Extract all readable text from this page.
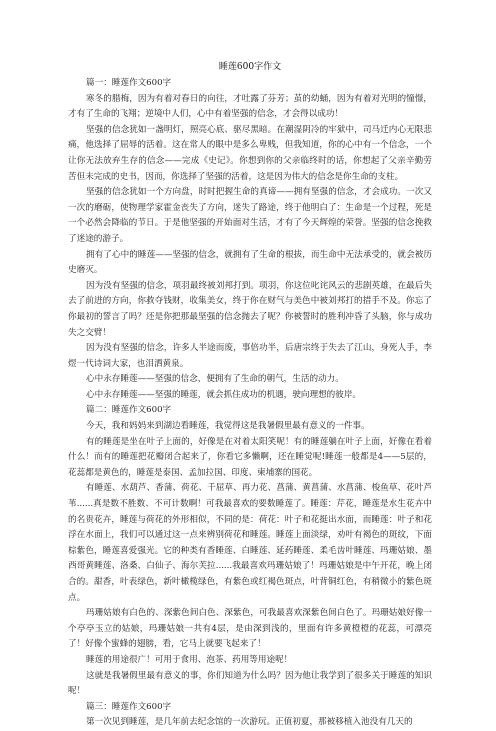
睡莲600字作文

篇一：睡莲作文600字

寒冬的腊梅，因为有着对春日的向往，才吐露了芬芳；茧的幼蛹，因为有着对光明的憧憬，才有了生命的飞翔；逆境中人们，心中有着坚强的信念，才会得以成功！

坚强的信念犹如一盏明灯，照亮心底、驱尽黑暗。在潮湿阴冷的牢狱中，司马迁内心无限悲痛，他选择了屈辱的活着。这在常人的眼中是多么卑贱，但我知道，你的心中有一个信念，一个让你无法放弃生存的信念——完成《史记》。你想到你的父亲临终时的话，你想起了父亲辛勤劳苦但未完成的史书，因而，你选择了坚强的活着，这是因为伟大的信念是你生命的支柱。

坚强的信念犹如一个方向盘，时时把握生命的真谛——拥有坚强的信念，才会成功。一次又一次的磨砺，使物理学家霍金丧失了方向，迷失了路途，终于他明白了：生命是一个过程，死是一个必然会降临的节日。于是他坚强的开始面对生活，才有了今天辉煌的荣誉。坚强的信念挽救了迷途的游子。

拥有了心中的睡莲——坚强的信念，就拥有了生命的根拔，而生命中无法承受的，就会被历史磨灭。

因为没有坚强的信念，项羽最终被刘邦打到。项羽，你这位叱诧风云的悲剧英雄，在最后失去了前进的方向，你救夺钱财，收集美女，终于你在财气与美色中被刘邦打的措手不及。你忘了你最初的誓言了吗？还是你把那最坚强的信念抛去了呢？你被誓时的胜利冲昏了头脑，你与成功失之交臂！

因为没有坚强的信念，许多人半途而废，事倍功半，后唐宗终于失去了江山，身死人手，李煜一代诗词大家，也泪洒黄泉。

心中永存睡莲——坚强的信念，便拥有了生命的朝气，生活的动力。

心中永存睡莲——坚强的睡莲，就会抓住成功的机遇，驶向理想的彼岸。

篇二：睡莲作文600字

今天，我和妈妈来到湖边看睡莲，我觉得这是我暑假里最有意义的一件事。

有的睡莲是坐在叶子上面的，好像是在对着太阳笑呢！有的睡莲躺在叶子上面，好像在看着什么！而有的睡莲把花瓣闭合起来了，你看它多懒啊，还在睡觉呢!睡莲一般都是4——5层的，花蕊都是黄色的，睡莲是泰国、孟加拉国、印度、柬埔寨的国花。

有睡莲、水葫芦、香蒲、荷花、千屈草、再力花、菖蒲、黄菖蒲、水菖蒲、梭鱼草、花叶芦苇......真是数不胜数、不可计数啊！可我最喜欢的要数睡莲了。睡莲：芹花，睡莲是水生花卉中的名贵花卉，睡莲与荷花的外形相似，不同的是：荷花：叶子和花挺出水面，而睡莲：叶子和花浮在水面上，我们可以通过这一点来辨别荷花和睡莲。睡莲上面淡绿，劝叶有褐色的斑纹，下面棕紫色，睡莲喜爱强光。它的种类有香睡莲、白睡莲、延药睡莲、柔毛齿叶睡莲、玛珊姑娘、墨西哥黄睡莲、洛桑、白仙子、海尔芙拉......我最喜欢玛珊姑娘了！玛珊姑娘是中午开花，晚上闭合的。甜香，叶表绿色，新叶橄榄绿色，有紫色或红褐色斑点，叶背铜红色，有稍微小的紫色斑点。

玛珊姑娘有白色的、深紫色间白色、深紫色，可我最喜欢深紫色间白色了。玛珊姑娘好像一个亭亭玉立的姑娘，玛珊姑娘一共有4层，是由深到浅的，里面有许多黄橙橙的花蕊，可漂亮了！好像个蜜蜂的翅膀，看，它马上就要飞起来了！

睡莲的用途很广！可用于食用、泡茶、药用等用途呢！

这就是我暑假里最有意义的事，你们知道为什么吗？因为他让我学到了很多关于睡莲的知识呢！

篇三：睡莲作文600字

第一次见到睡莲，是几年前去纪念馆的一次游玩。正值初夏，那被移植入池没有几天的
